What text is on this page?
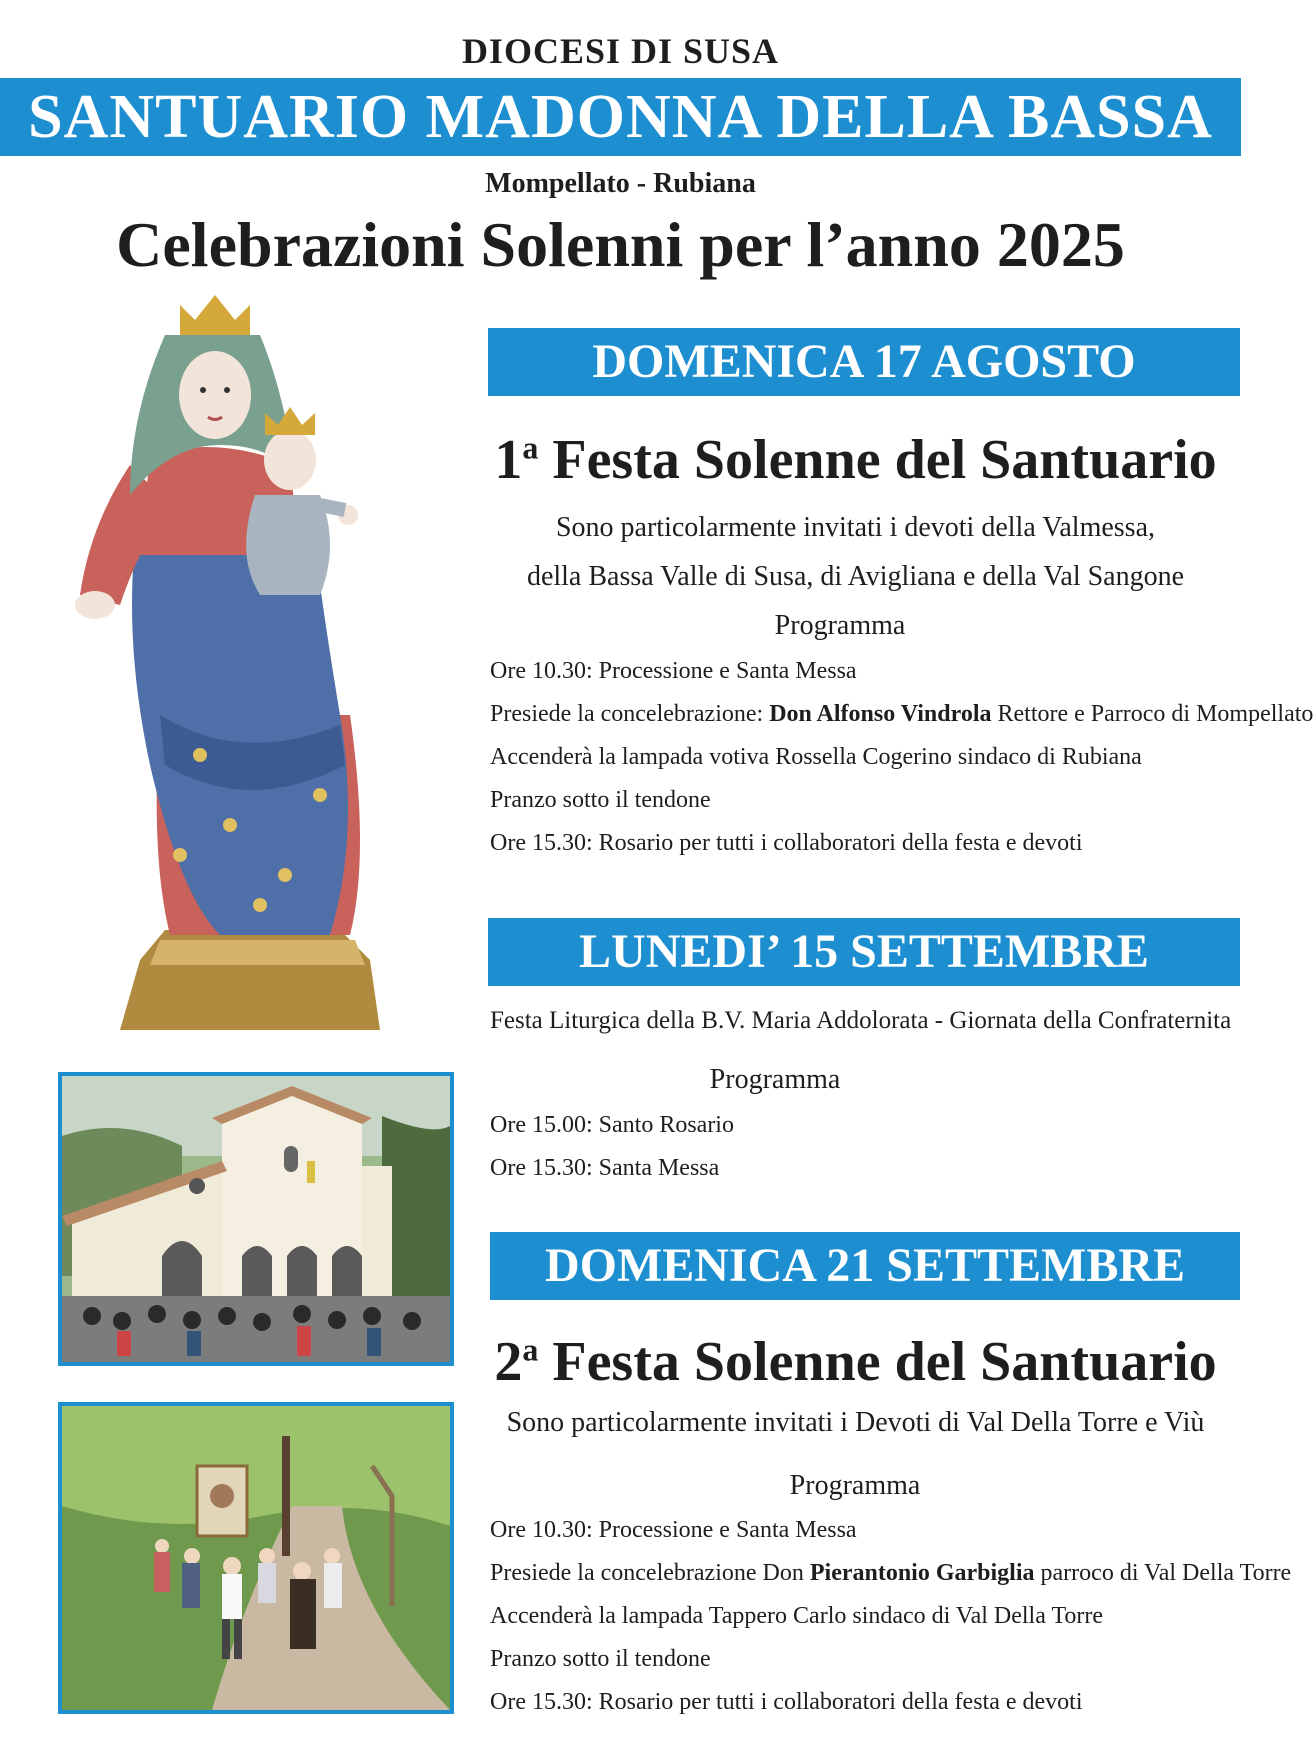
DIOCESI DI SUSA
SANTUARIO MADONNA DELLA BASSA
Mompellato - Rubiana
Celebrazioni Solenni per l’anno 2025
DOMENICA 17 AGOSTO
1$^a$ Festa Solenne del Santuario
Sono particolarmente invitati i devoti della Valmessa,
della Bassa Valle di Susa, di Avigliana e della Val Sangone
Programma
Ore 10.30: Processione e Santa Messa
Presiede la concelebrazione: Don Alfonso Vindrola Rettore e Parroco di Mompellato
Accenderà la lampada votiva Rossella Cogerino sindaco di Rubiana
Pranzo sotto il tendone
Ore 15.30: Rosario per tutti i collaboratori della festa e devoti
LUNEDI’ 15 SETTEMBRE
Festa Liturgica della B.V. Maria Addolorata - Giornata della Confraternita
Programma
Ore 15.00: Santo Rosario
Ore 15.30: Santa Messa
DOMENICA 21 SETTEMBRE
2$^a$ Festa Solenne del Santuario
Sono particolarmente invitati i Devoti di Val Della Torre e Viù
Programma
Ore 10.30: Processione e Santa Messa
Presiede la concelebrazione Don Pierantonio Garbiglia parroco di Val Della Torre
Accenderà la lampada Tappero Carlo sindaco di Val Della Torre
Pranzo sotto il tendone
Ore 15.30: Rosario per tutti i collaboratori della festa e devoti
